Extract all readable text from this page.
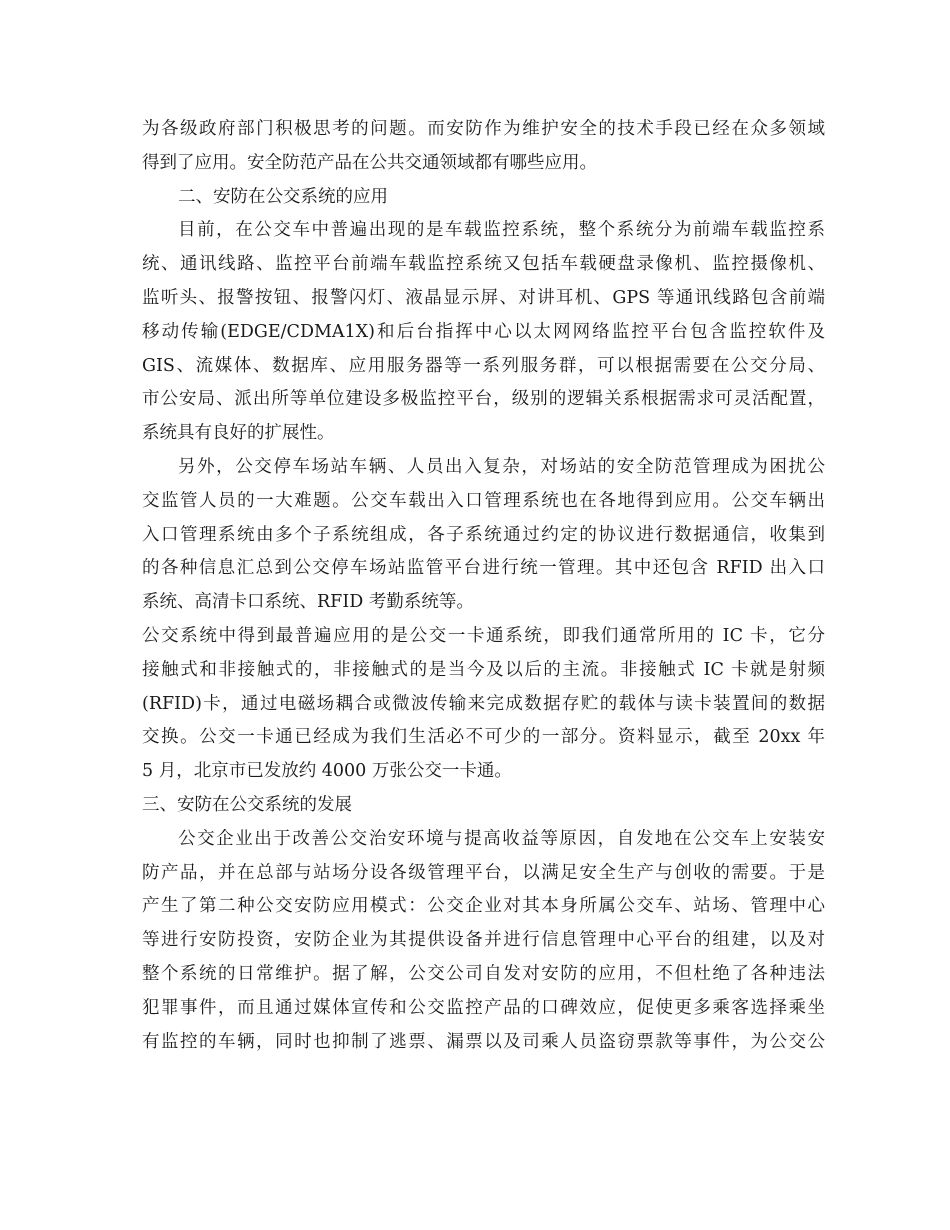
为各级政府部门积极思考的问题。而安防作为维护安全的技术手段已经在众多领域
得到了应用。安全防范产品在公共交通领域都有哪些应用。
二、安防在公交系统的应用
目前，在公交车中普遍出现的是车载监控系统，整个系统分为前端车载监控系
统、通讯线路、监控平台前端车载监控系统又包括车载硬盘录像机、监控摄像机、
监听头、报警按钮、报警闪灯、液晶显示屏、对讲耳机、GPS 等通讯线路包含前端
移动传输(EDGE/CDMA1X)和后台指挥中心以太网网络监控平台包含监控软件及
GIS、流媒体、数据库、应用服务器等一系列服务群，可以根据需要在公交分局、
市公安局、派出所等单位建设多极监控平台，级别的逻辑关系根据需求可灵活配置，
系统具有良好的扩展性。
另外，公交停车场站车辆、人员出入复杂，对场站的安全防范管理成为困扰公
交监管人员的一大难题。公交车载出入口管理系统也在各地得到应用。公交车辆出
入口管理系统由多个子系统组成，各子系统通过约定的协议进行数据通信，收集到
的各种信息汇总到公交停车场站监管平台进行统一管理。其中还包含 RFID 出入口
系统、高清卡口系统、RFID 考勤系统等。
公交系统中得到最普遍应用的是公交一卡通系统，即我们通常所用的 IC 卡，它分
接触式和非接触式的，非接触式的是当今及以后的主流。非接触式 IC 卡就是射频
(RFID)卡，通过电磁场耦合或微波传输来完成数据存贮的载体与读卡装置间的数据
交换。公交一卡通已经成为我们生活必不可少的一部分。资料显示，截至 20xx 年
5 月，北京市已发放约 4000 万张公交一卡通。
三、安防在公交系统的发展
公交企业出于改善公交治安环境与提高收益等原因，自发地在公交车上安装安
防产品，并在总部与站场分设各级管理平台，以满足安全生产与创收的需要。于是
产生了第二种公交安防应用模式：公交企业对其本身所属公交车、站场、管理中心
等进行安防投资，安防企业为其提供设备并进行信息管理中心平台的组建，以及对
整个系统的日常维护。据了解，公交公司自发对安防的应用，不但杜绝了各种违法
犯罪事件，而且通过媒体宣传和公交监控产品的口碑效应，促使更多乘客选择乘坐
有监控的车辆，同时也抑制了逃票、漏票以及司乘人员盗窃票款等事件，为公交公
